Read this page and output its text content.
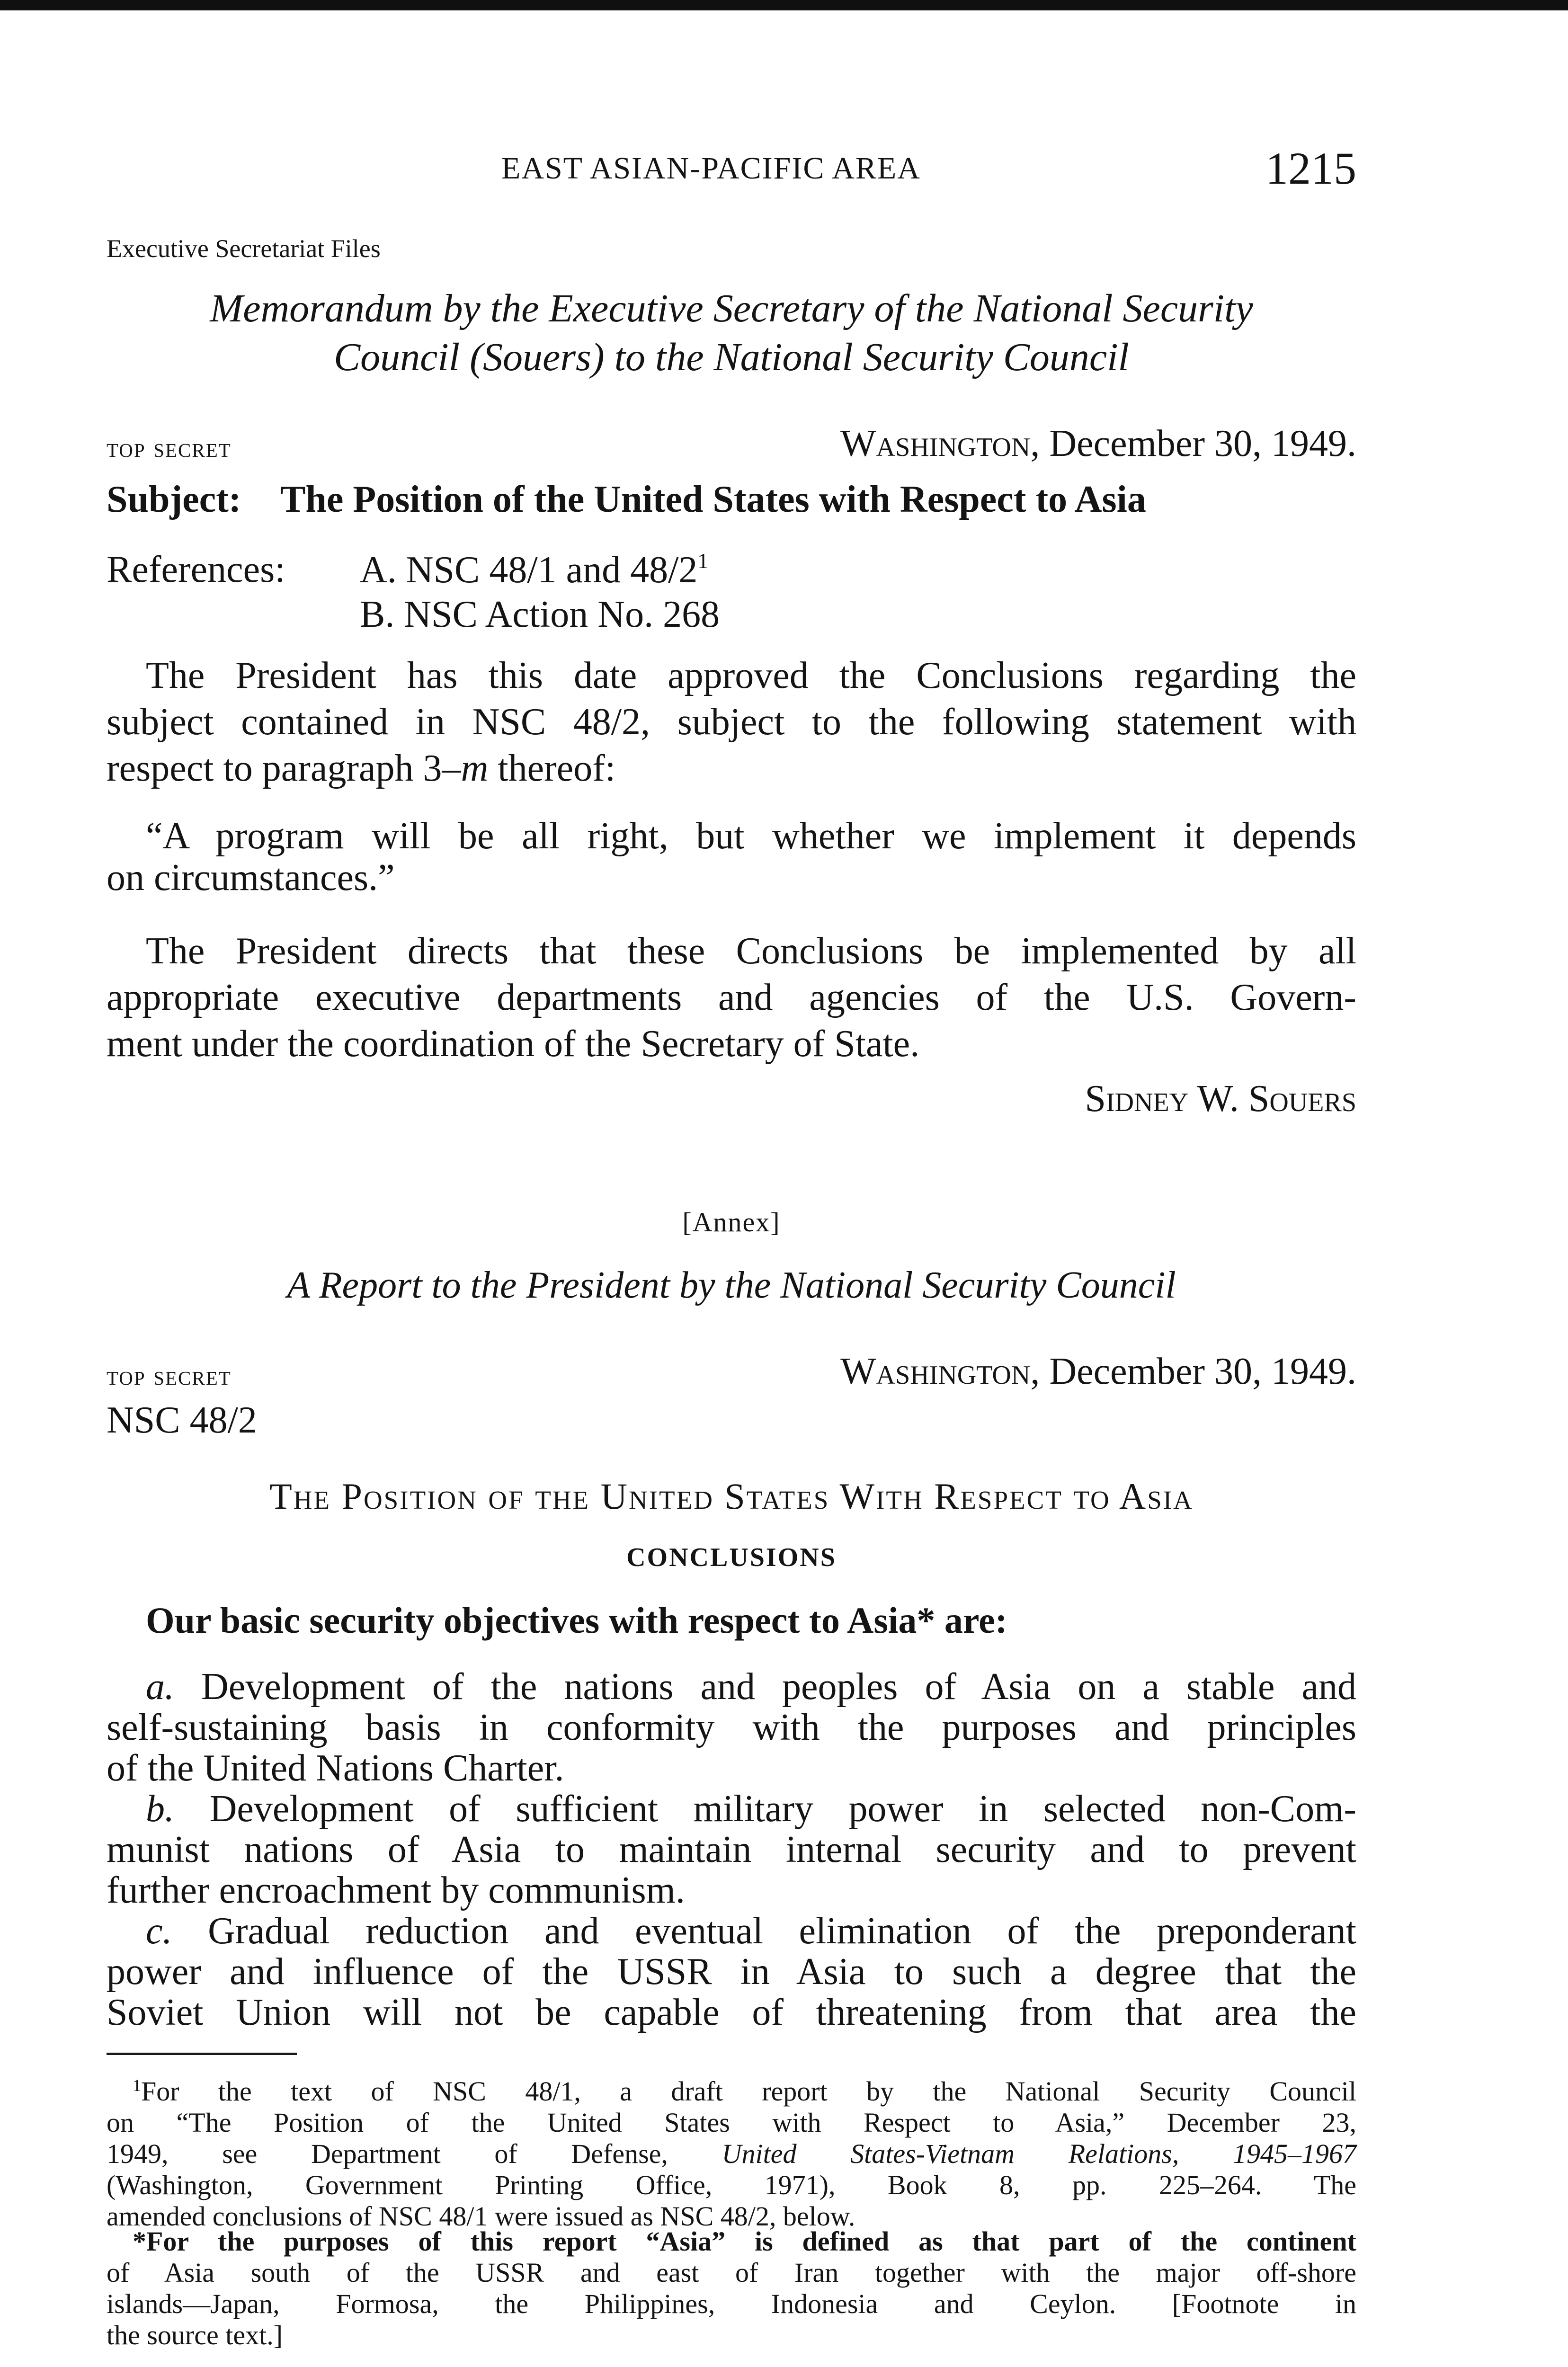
EAST ASIAN-PACIFIC AREA	1215
Executive Secretariat Files
Memorandum by the Executive Secretary of the National Security
Council (Souers) to the National Security Council
top secret	Washington, December 30, 1949.
Subject: The Position of the United States with Respect to Asia
References: A. NSC 48/1 and $48/2^1$
B. NSC Action No. 268
The President has this date approved the Conclusions regarding the
subject contained in NSC 48/2, subject to the following statement with
respect to paragraph 3–m thereof:
“A program will be all right, but whether we implement it depends
on circumstances.”
The President directs that these Conclusions be implemented by all
appropriate executive departments and agencies of the U.S. Govern-
ment under the coordination of the Secretary of State.
Sidney W. Souers
[Annex]
A Report to the President by the National Security Council
top secret	Washington, December 30, 1949.
NSC 48/2
The Position of the United States With Respect to Asia
CONCLUSIONS
Our basic security objectives with respect to Asia* are:
a. Development of the nations and peoples of Asia on a stable and
self-sustaining basis in conformity with the purposes and principles
of the United Nations Charter.
b. Development of sufficient military power in selected non-Com-
munist nations of Asia to maintain internal security and to prevent
further encroachment by communism.
c. Gradual reduction and eventual elimination of the preponderant
power and influence of the USSR in Asia to such a degree that the
Soviet Union will not be capable of threatening from that area the
$^1$For the text of NSC 48/1, a draft report by the National Security Council
on “The Position of the United States with Respect to Asia,” December 23,
1949, see Department of Defense, United States-Vietnam Relations, 1945–1967
(Washington, Government Printing Office, 1971), Book 8, pp. 225–264. The
amended conclusions of NSC 48/1 were issued as NSC 48/2, below.
*For the purposes of this report “Asia” is defined as that part of the continent
of Asia south of the USSR and east of Iran together with the major off-shore
islands—Japan, Formosa, the Philippines, Indonesia and Ceylon. [Footnote in
the source text.]
